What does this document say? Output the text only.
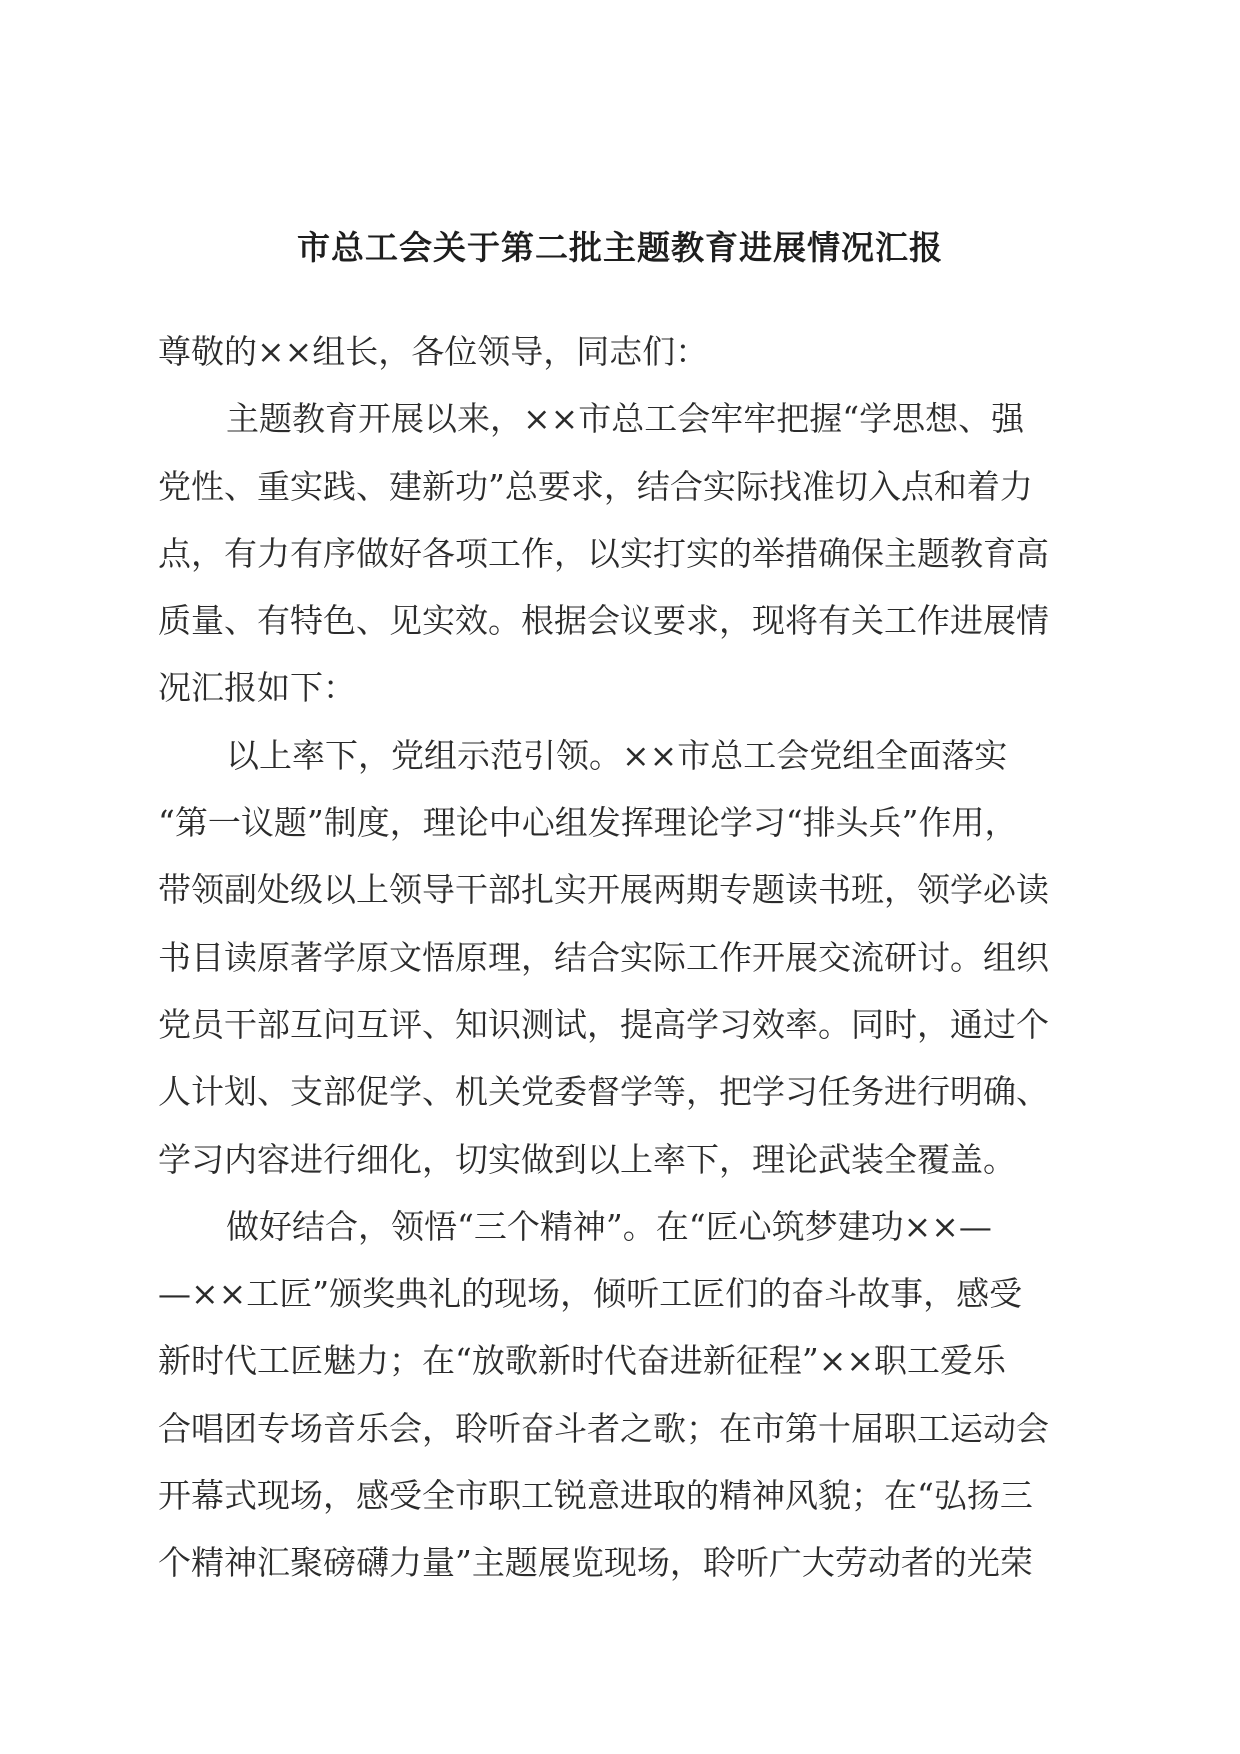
市总工会关于第二批主题教育进展情况汇报
尊敬的××组长，各位领导，同志们：
主题教育开展以来，××市总工会牢牢把握“学思想、强
党性、重实践、建新功”总要求，结合实际找准切入点和着力
点，有力有序做好各项工作，以实打实的举措确保主题教育高
质量、有特色、见实效。根据会议要求，现将有关工作进展情
况汇报如下：
以上率下，党组示范引领。××市总工会党组全面落实
“第一议题”制度，理论中心组发挥理论学习“排头兵”作用，
带领副处级以上领导干部扎实开展两期专题读书班，领学必读
书目读原著学原文悟原理，结合实际工作开展交流研讨。组织
党员干部互问互评、知识测试，提高学习效率。同时，通过个
人计划、支部促学、机关党委督学等，把学习任务进行明确、
学习内容进行细化，切实做到以上率下，理论武装全覆盖。
做好结合，领悟“三个精神”。在“匠心筑梦建功××—
—××工匠”颁奖典礼的现场，倾听工匠们的奋斗故事，感受
新时代工匠魅力；在“放歌新时代奋进新征程”××职工爱乐
合唱团专场音乐会，聆听奋斗者之歌；在市第十届职工运动会
开幕式现场，感受全市职工锐意进取的精神风貌；在“弘扬三
个精神汇聚磅礴力量”主题展览现场，聆听广大劳动者的光荣
